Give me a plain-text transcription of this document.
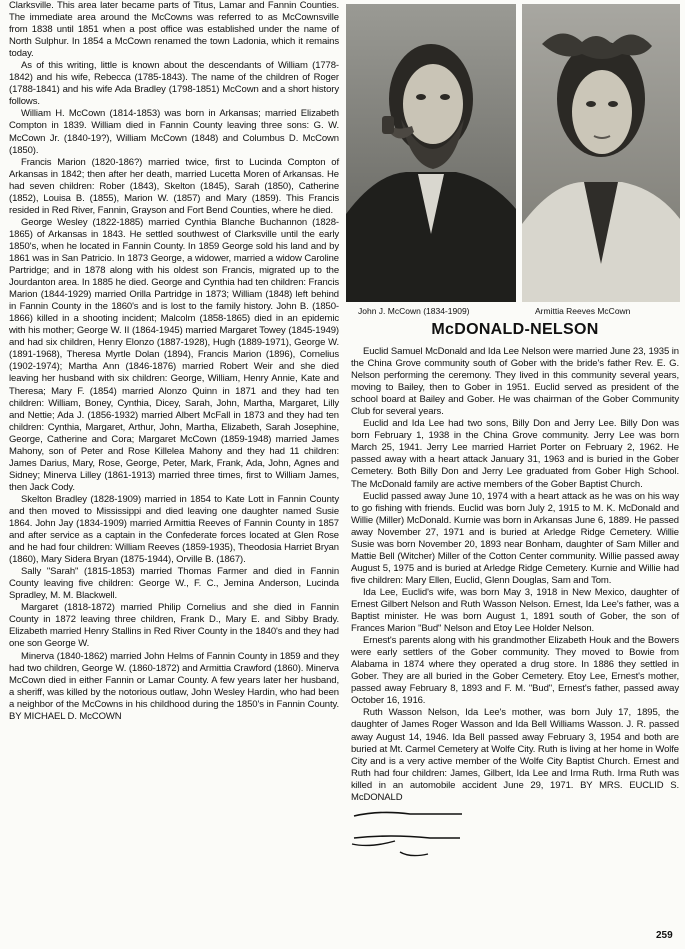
Clarksville. This area later became parts of Titus, Lamar and Fannin Counties. The immediate area around the McCowns was referred to as McCownsville from 1838 until 1851 when a post office was established under the name of North Sulphur. In 1854 a McCown renamed the town Ladonia, which it remains today.

As of this writing, little is known about the descendants of William (1778-1842) and his wife, Rebecca (1785-1843). The name of the children of Roger (1788-1841) and his wife Ada Bradley (1798-1851) McCown and a short history follows.

William H. McCown (1814-1853) was born in Arkansas; married Elizabeth Compton in 1839. William died in Fannin County leaving three sons: G. W. McCown Jr. (1840-19?), William McCown (1848) and Columbus D. McCown (1850).

Francis Marion (1820-186?) married twice, first to Lucinda Compton of Arkansas in 1842; then after her death, married Lucetta Moren of Arkansas. He had seven children: Rober (1843), Skelton (1845), Sarah (1850), Catherine (1852), Louisa B. (1855), Marion W. (1857) and Mary (1859). This Francis resided in Red River, Fannin, Grayson and Fort Bend Counties, where he died.

George Wesley (1822-1885) married Cynthia Blanche Buchannon (1828-1865) of Arkansas in 1843. He settled southwest of Clarksville until the early 1850's, when he located in Fannin County. In 1859 George sold his land and by 1861 was in San Patricio. In 1873 George, a widower, married a widow Caroline Partridge; and in 1878 along with his oldest son Francis, migrated up to the Jourdanton area. In 1885 he died. George and Cynthia had ten children: Francis Marion (1844-1929) married Orilla Partridge in 1873; William (1848) left behind in Fannin County in the 1860's and is lost to the family history. John B. (1850-1866) killed in a shooting incident; Malcolm (1858-1865) died in an epidemic with his mother; George W. II (1864-1945) married Margaret Towey (1845-1949) and had six children, Henry Elonzo (1887-1928), Hugh (1889-1971), George W. (1891-1968), Theresa Myrtle Dolan (1894), Francis Marion (1896), Cornelius (1902-1974); Martha Ann (1846-1876) married Robert Weir and she died leaving her husband with six children: George, William, Henry Annie, Kate and Theresa; Mary F. (1854) married Alonzo Quinn in 1871 and they had ten children: William, Boney, Cynthia, Dicey, Sarah, John, Martha, Margaret, Lilly and Nettie; Ada J. (1856-1932) married Albert McFall in 1873 and they had ten children: Cynthia, Margaret, Arthur, John, Martha, Elizabeth, Sarah Josephine, George, Catherine and Cora; Margaret McCown (1859-1948) married James Mahony, son of Peter and Rose Killelea Mahony and they had 11 children: James Darius, Mary, Rose, George, Peter, Mark, Frank, Ada, John, Agnes and Sidney; Minerva Lilley (1861-1913) married three times, first to William James, then Jack Cody.

Skelton Bradley (1828-1909) married in 1854 to Kate Lott in Fannin County and then moved to Mississippi and died leaving one daughter named Susie 1864. John Jay (1834-1909) married Armittia Reeves of Fannin County in 1857 and after service as a captain in the Confederate forces located at Glen Rose and he had four children: William Reeves (1859-1935), Theodosia Harriet Bryan (1860), Mary Sidera Bryan (1875-1944), Orville B. (1867).

Sally "Sarah" (1815-1853) married Thomas Farmer and died in Fannin County leaving five children: George W., F. C., Jemina Anderson, Lucinda Spradley, M. M. Blackwell.

Margaret (1818-1872) married Philip Cornelius and she died in Fannin County in 1872 leaving three children, Frank D., Mary E. and Sibby Brady. Elizabeth married Henry Stallins in Red River County in the 1840's and they had one son George W.

Minerva (1840-1862) married John Helms of Fannin County in 1859 and they had two children, George W. (1860-1872) and Armittia Crawford (1860). Minerva McCown died in either Fannin or Lamar County. A few years later her husband, a sheriff, was killed by the notorious outlaw, John Wesley Hardin, who had been a neighbor of the McCowns in his childhood during the 1850's in Fannin County. BY MICHAEL D. McCOWN

John J. McCown (1834-1909)	Armittia Reeves McCown
McDONALD-NELSON

Euclid Samuel McDonald and Ida Lee Nelson were married June 23, 1935 in the China Grove community south of Gober with the bride's father Rev. E. G. Nelson performing the ceremony. They lived in this community several years, moving to Bailey, then to Gober in 1951. Euclid served as president of the school board at Bailey and Gober. He was chairman of the Gober Community Club for several years.

Euclid and Ida Lee had two sons, Billy Don and Jerry Lee. Billy Don was born February 1, 1938 in the China Grove community. Jerry Lee was born March 25, 1941. Jerry Lee married Harriet Porter on February 2, 1962. He passed away with a heart attack January 31, 1963 and is buried in the Gober Cemetery. Both Billy Don and Jerry Lee graduated from Gober High School. The McDonald family are active members of the Gober Baptist Church.

Euclid passed away June 10, 1974 with a heart attack as he was on his way to go fishing with friends. Euclid was born July 2, 1915 to M. K. McDonald and Willie (Miller) McDonald. Kurnie was born in Arkansas June 6, 1889. He passed away November 27, 1971 and is buried at Arledge Ridge Cemetery. Willie Susie was born November 20, 1893 near Bonham, daughter of Sam Miller and Mattie Bell (Witcher) Miller of the Cotton Center community. Willie passed away August 5, 1975 and is buried at Arledge Ridge Cemetery. Kurnie and Willie had five children: Mary Ellen, Euclid, Glenn Douglas, Sam and Tom.

Ida Lee, Euclid's wife, was born May 3, 1918 in New Mexico, daughter of Ernest Gilbert Nelson and Ruth Wasson Nelson. Ernest, Ida Lee's father, was a Baptist minister. He was born August 1, 1891 south of Gober, the son of Frances Marion "Bud" Nelson and Etoy Lee Holder Nelson.

Ernest's parents along with his grandmother Elizabeth Houk and the Bowers were early settlers of the Gober community. They moved to Bowie from Alabama in 1874 where they operated a drug store. In 1886 they settled in Gober. They are all buried in the Gober Cemetery. Etoy Lee, Ernest's mother, passed away February 8, 1893 and F. M. "Bud", Ernest's father, passed away October 16, 1916.

Ruth Wasson Nelson, Ida Lee's mother, was born July 17, 1895, the daughter of James Roger Wasson and Ida Bell Williams Wasson. J. R. passed away August 14, 1946. Ida Bell passed away February 3, 1954 and both are buried at Mt. Carmel Cemetery at Wolfe City. Ruth is living at her home in Wolfe City and is a very active member of the Wolfe City Baptist Church. Ernest and Ruth had four children: James, Gilbert, Ida Lee and Irma Ruth. Irma Ruth was killed in an automobile accident June 29, 1971. BY MRS. EUCLID S. McDONALD

259
